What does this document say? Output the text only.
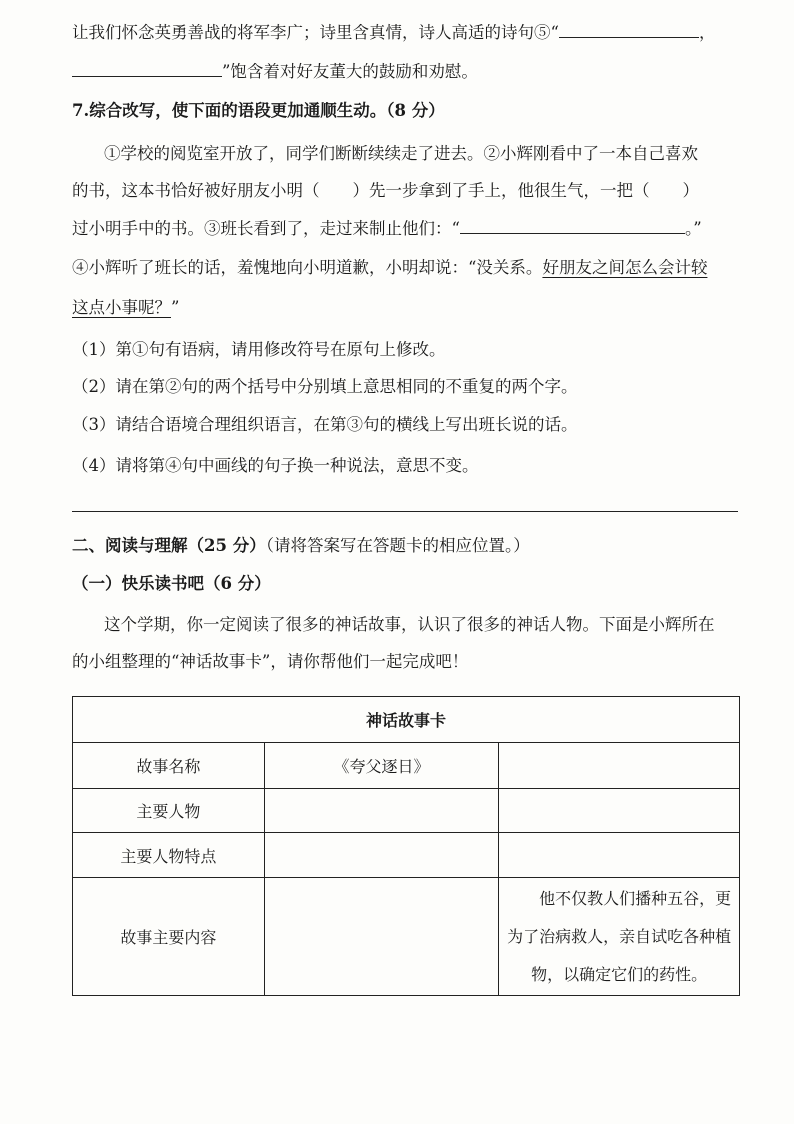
让我们怀念英勇善战的将军李广；诗里含真情，诗人高适的诗句⑤“	，
”饱含着对好友董大的鼓励和劝慰。
7.综合改写，使下面的语段更加通顺生动。（8 分）
①学校的阅览室开放了，同学们断断续续走了进去。②小辉刚看中了一本自己喜欢
的书，这本书恰好被好朋友小明（　　）先一步拿到了手上，他很生气，一把（　　）
过小明手中的书。③班长看到了，走过来制止他们：“	。”
④小辉听了班长的话，羞愧地向小明道歉，小明却说：“没关系。好朋友之间怎么会计较
这点小事呢？”
（1）第①句有语病，请用修改符号在原句上修改。
（2）请在第②句的两个括号中分别填上意思相同的不重复的两个字。
（3）请结合语境合理组织语言，在第③句的横线上写出班长说的话。
（4）请将第④句中画线的句子换一种说法，意思不变。
二、阅读与理解（25 分）（请将答案写在答题卡的相应位置。）
（一）快乐读书吧（6 分）
这个学期，你一定阅读了很多的神话故事，认识了很多的神话人物。下面是小辉所在
的小组整理的“神话故事卡”，请你帮他们一起完成吧！
神话故事卡		
故事名称	《夸父逐日》	
主要人物		
主要人物特点		
故事主要内容		　　他不仅教人们播种五谷，更为了治病救人，亲自试吃各种植物，以确定它们的药性。
